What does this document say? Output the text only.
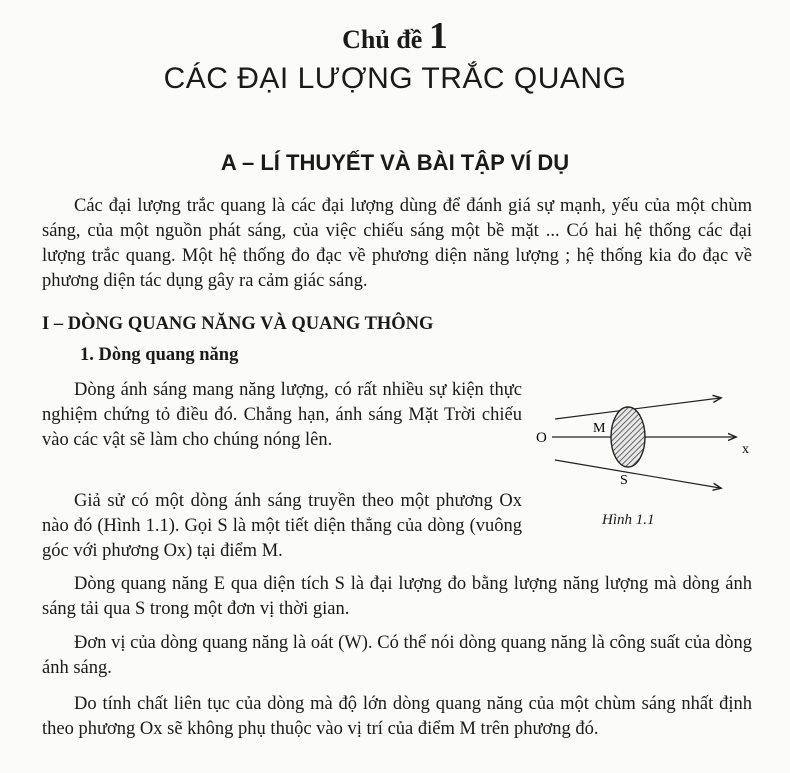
Chủ đề 1
CÁC ĐẠI LƯỢNG TRẮC QUANG
A – LÍ THUYẾT VÀ BÀI TẬP VÍ DỤ

Các đại lượng trắc quang là các đại lượng dùng để đánh giá sự mạnh, yếu của một chùm sáng, của một nguồn phát sáng, của việc chiếu sáng một bề mặt ... Có hai hệ thống các đại lượng trắc quang. Một hệ thống đo đạc về phương diện năng lượng ; hệ thống kia đo đạc về phương diện tác dụng gây ra cảm giác sáng.

I – DÒNG QUANG NĂNG VÀ QUANG THÔNG
1. Dòng quang năng

Dòng ánh sáng mang năng lượng, có rất nhiều sự kiện thực nghiệm chứng tỏ điều đó. Chẳng hạn, ánh sáng Mặt Trời chiếu vào các vật sẽ làm cho chúng nóng lên.

Giả sử có một dòng ánh sáng truyền theo một phương Ox nào đó (Hình 1.1). Gọi S là một tiết diện thẳng của dòng (vuông góc với phương Ox) tại điểm M.

O
M
x
S
Hình 1.1

Dòng quang năng E qua diện tích S là đại lượng đo bằng lượng năng lượng mà dòng ánh sáng tải qua S trong một đơn vị thời gian.

Đơn vị của dòng quang năng là oát (W). Có thể nói dòng quang năng là công suất của dòng ánh sáng.

Do tính chất liên tục của dòng mà độ lớn dòng quang năng của một chùm sáng nhất định theo phương Ox sẽ không phụ thuộc vào vị trí của điểm M trên phương đó.
